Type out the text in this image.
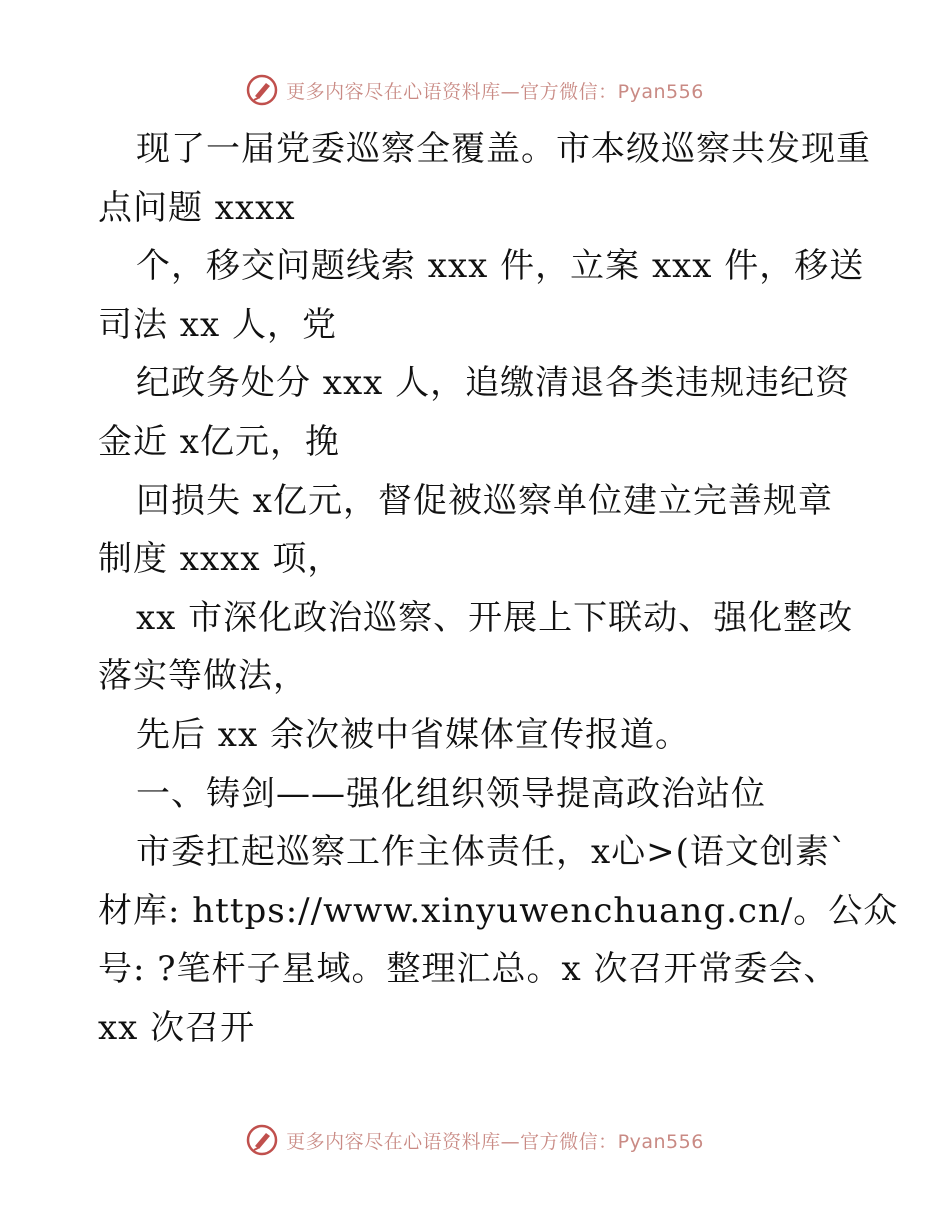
更多内容尽在心语资料库—官方微信：Pyan556
现了一届党委巡察全覆盖。市本级巡察共发现重
点问题 xxxx
个，移交问题线索 xxx 件，立案 xxx 件，移送
司法 xx 人，党
纪政务处分 xxx 人，追缴清退各类违规违纪资
金近 x亿元，挽
回损失 x亿元，督促被巡察单位建立完善规章
制度 xxxx 项，
xx 市深化政治巡察、开展上下联动、强化整改
落实等做法，
先后 xx 余次被中省媒体宣传报道。
一、铸剑——强化组织领导提高政治站位
市委扛起巡察工作主体责任，x心>(语文创素`
材库: https://www.xinyuwenchuang.cn/。公众
号: ?笔杆子星域。整理汇总。x 次召开常委会、
xx 次召开
更多内容尽在心语资料库—官方微信：Pyan556
